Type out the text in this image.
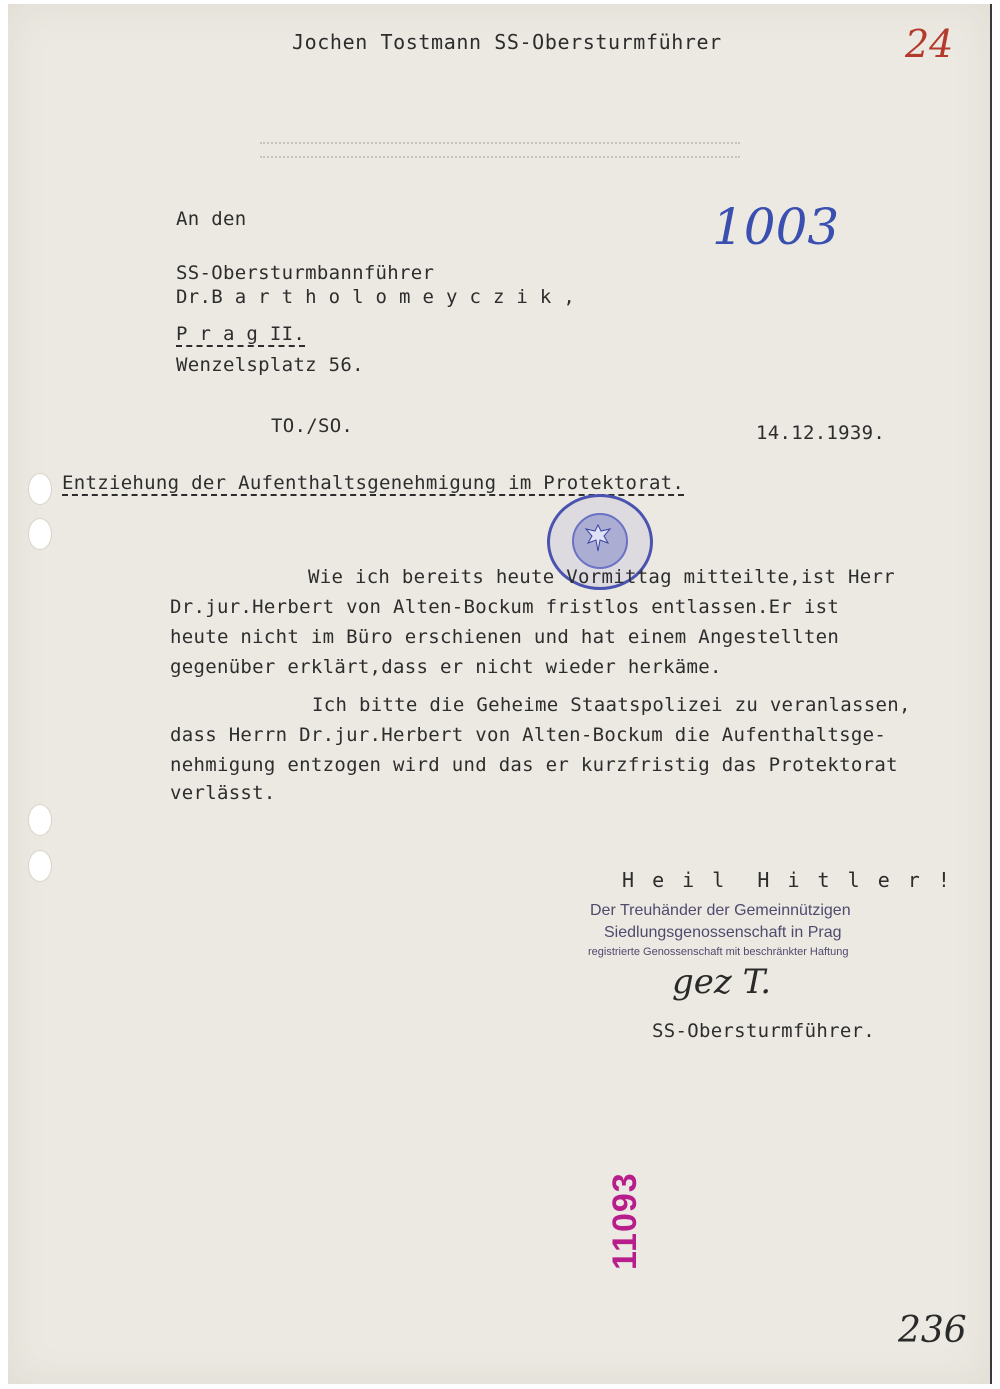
Jochen Tostmann SS-Obersturmführer	24
An den	1003
SS-Obersturmbannführer
Dr.B a r t h o l o m e y c z i k ,
P r a g II.
Wenzelsplatz 56.
TO./SO.	14.12.1939.
Entziehung der Aufenthaltsgenehmigung im Protektorat.
Wie ich bereits heute Vormittag mitteilte,ist Herr
Dr.jur.Herbert von Alten-Bockum fristlos entlassen.Er ist
heute nicht im Büro erschienen und hat einem Angestellten
gegenüber erklärt,dass er nicht wieder herkäme.
Ich bitte die Geheime Staatspolizei zu veranlassen,
dass Herrn Dr.jur.Herbert von Alten-Bockum die Aufenthaltsge-
nehmigung entzogen wird und das er kurzfristig das Protektorat
verlässt.
H e i l  H i t l e r !
Der Treuhänder der Gemeinnützigen
Siedlungsgenossenschaft in Prag
registrierte Genossenschaft mit beschränkter Haftung
gez T.
SS-Obersturmführer.
11093
236
